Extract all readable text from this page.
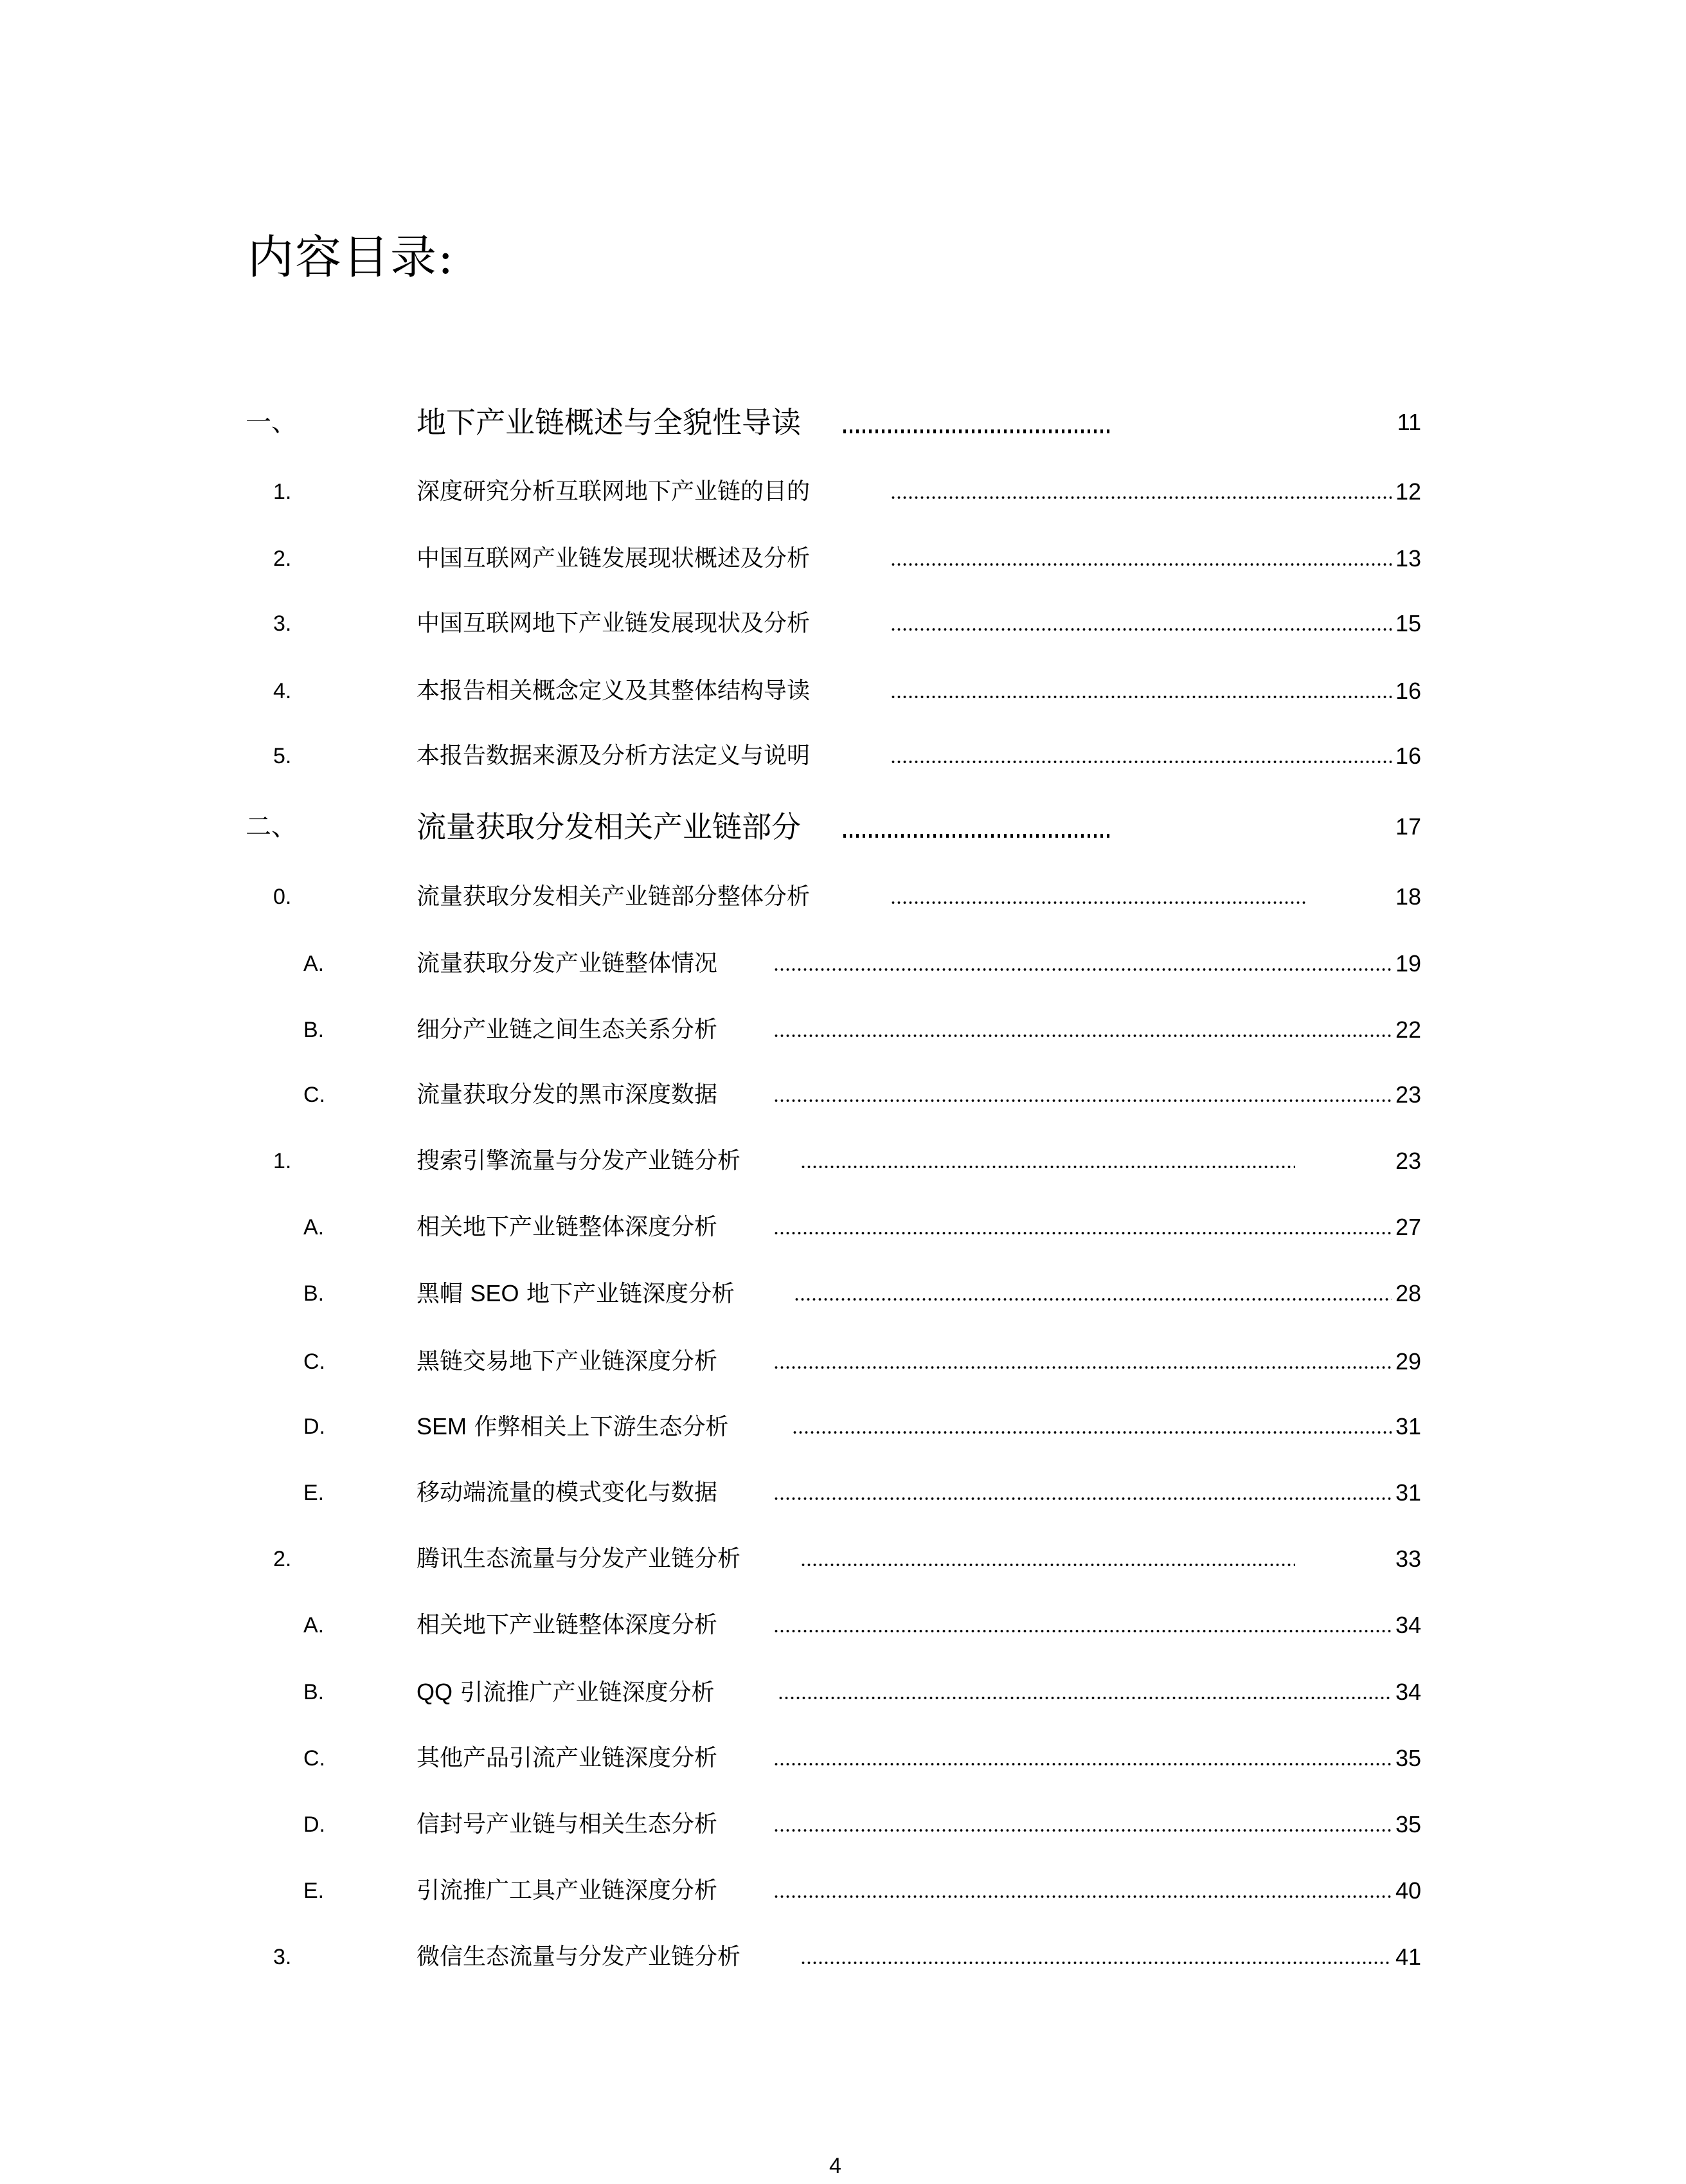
内容目录:
一、	地下产业链概述与全貌性导读	11
1.	深度研究分析互联网地下产业链的目的	12
2.	中国互联网产业链发展现状概述及分析	13
3.	中国互联网地下产业链发展现状及分析	15
4.	本报告相关概念定义及其整体结构导读	16
5.	本报告数据来源及分析方法定义与说明	16
二、	流量获取分发相关产业链部分	17
0.	流量获取分发相关产业链部分整体分析	18
A.	流量获取分发产业链整体情况	19
B.	细分产业链之间生态关系分析	22
C.	流量获取分发的黑市深度数据	23
1.	搜索引擎流量与分发产业链分析	23
A.	相关地下产业链整体深度分析	27
B.	黑帽 SEO 地下产业链深度分析	28
C.	黑链交易地下产业链深度分析	29
D.	SEM 作弊相关上下游生态分析	31
E.	移动端流量的模式变化与数据	31
2.	腾讯生态流量与分发产业链分析	33
A.	相关地下产业链整体深度分析	34
B.	QQ 引流推广产业链深度分析	34
C.	其他产品引流产业链深度分析	35
D.	信封号产业链与相关生态分析	35
E.	引流推广工具产业链深度分析	40
3.	微信生态流量与分发产业链分析	41
4
